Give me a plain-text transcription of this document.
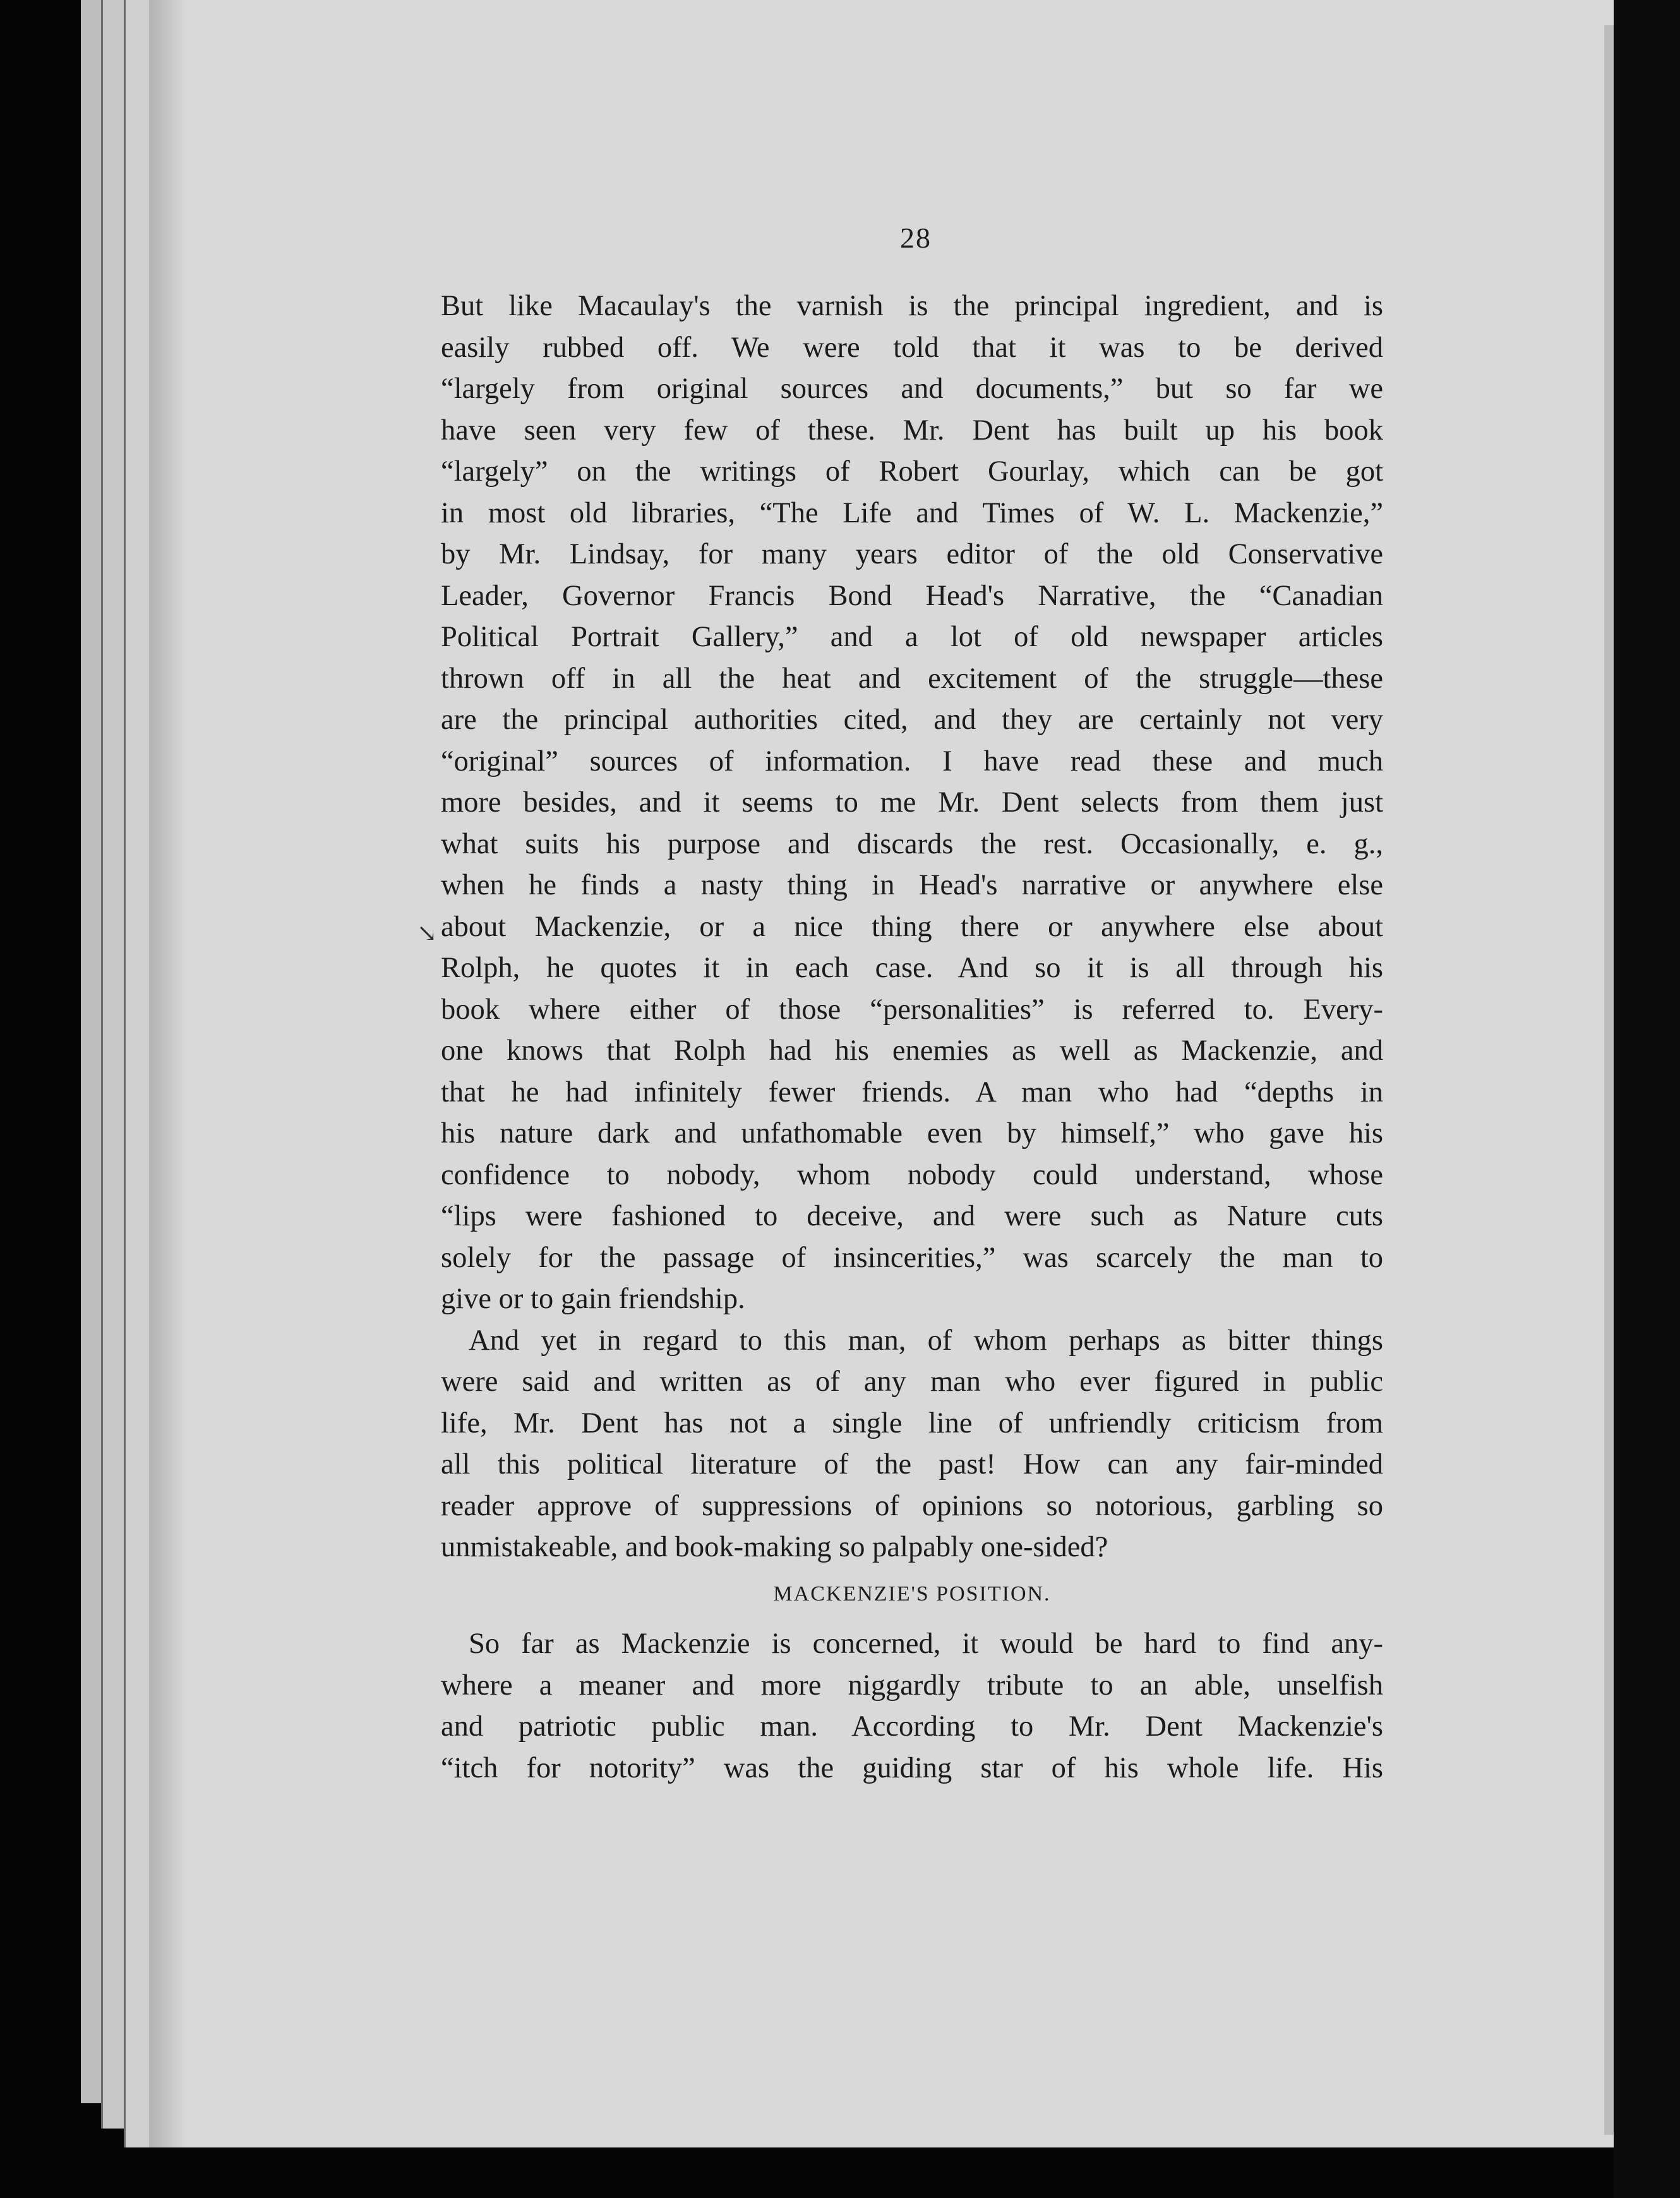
28
↘
But like Macaulay's the varnish is the principal ingredient, and is
easily rubbed off. We were told that it was to be derived
“largely from original sources and documents,” but so far we
have seen very few of these. Mr. Dent has built up his book
“largely” on the writings of Robert Gourlay, which can be got
in most old libraries, “The Life and Times of W. L. Mackenzie,”
by Mr. Lindsay, for many years editor of the old Conservative
Leader, Governor Francis Bond Head's Narrative, the “Canadian
Political Portrait Gallery,” and a lot of old newspaper articles
thrown off in all the heat and excitement of the struggle—these
are the principal authorities cited, and they are certainly not very
“original” sources of information. I have read these and much
more besides, and it seems to me Mr. Dent selects from them just
what suits his purpose and discards the rest. Occasionally, e. g.,
when he finds a nasty thing in Head's narrative or anywhere else
about Mackenzie, or a nice thing there or anywhere else about
Rolph, he quotes it in each case. And so it is all through his
book where either of those “personalities” is referred to. Every-
one knows that Rolph had his enemies as well as Mackenzie, and
that he had infinitely fewer friends. A man who had “depths in
his nature dark and unfathomable even by himself,” who gave his
confidence to nobody, whom nobody could understand, whose
“lips were fashioned to deceive, and were such as Nature cuts
solely for the passage of insincerities,” was scarcely the man to
give or to gain friendship.
And yet in regard to this man, of whom perhaps as bitter things
were said and written as of any man who ever figured in public
life, Mr. Dent has not a single line of unfriendly criticism from
all this political literature of the past! How can any fair-minded
reader approve of suppressions of opinions so notorious, garbling so
unmistakeable, and book-making so palpably one-sided?
MACKENZIE'S POSITION.
So far as Mackenzie is concerned, it would be hard to find any-
where a meaner and more niggardly tribute to an able, unselfish
and patriotic public man. According to Mr. Dent Mackenzie's
“itch for notority” was the guiding star of his whole life. His
